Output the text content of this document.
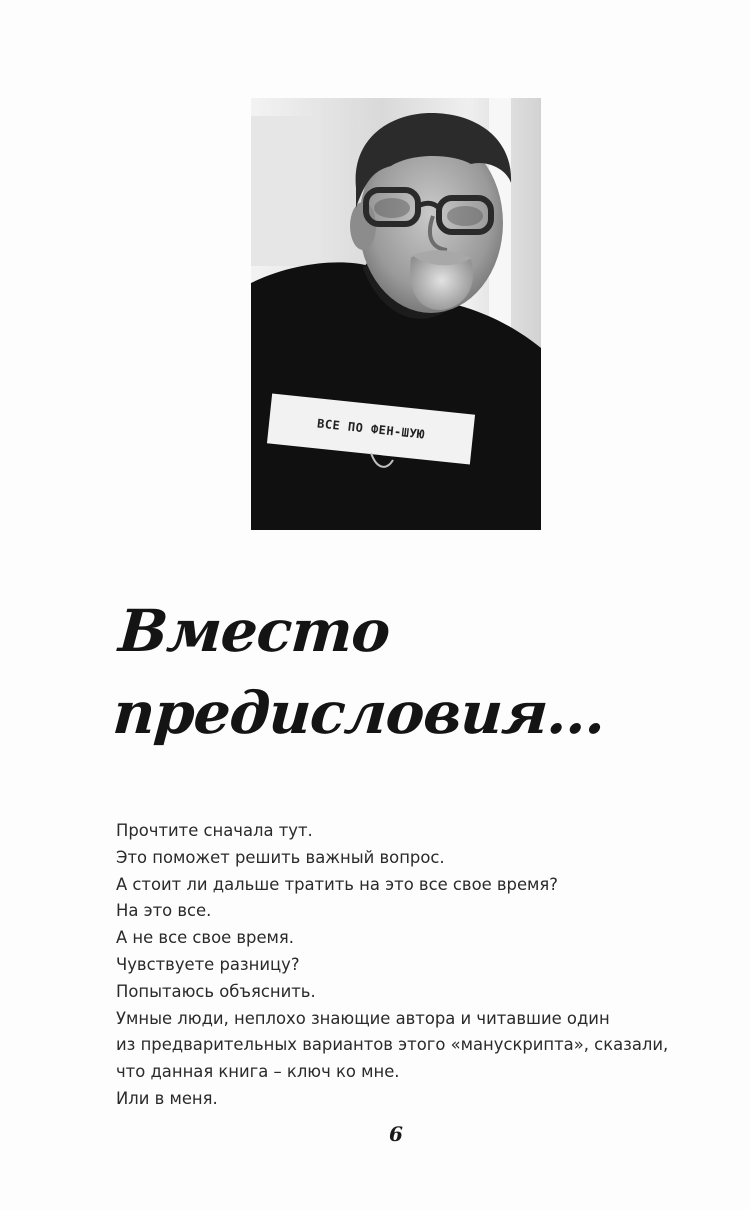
ВСЕ ПО ФЕН-ШУЮ
Вместо
предисловия...

Прочтите сначала тут.

Это поможет решить важный вопрос.

А стоит ли дальше тратить на это все свое время?

На это все.

А не все свое время.

Чувствуете разницу?

Попытаюсь объяснить.

Умные люди, неплохо знающие автора и читавшие один

из предварительных вариантов этого «манускрипта», сказали,

что данная книга – ключ ко мне.

Или в меня.

6
